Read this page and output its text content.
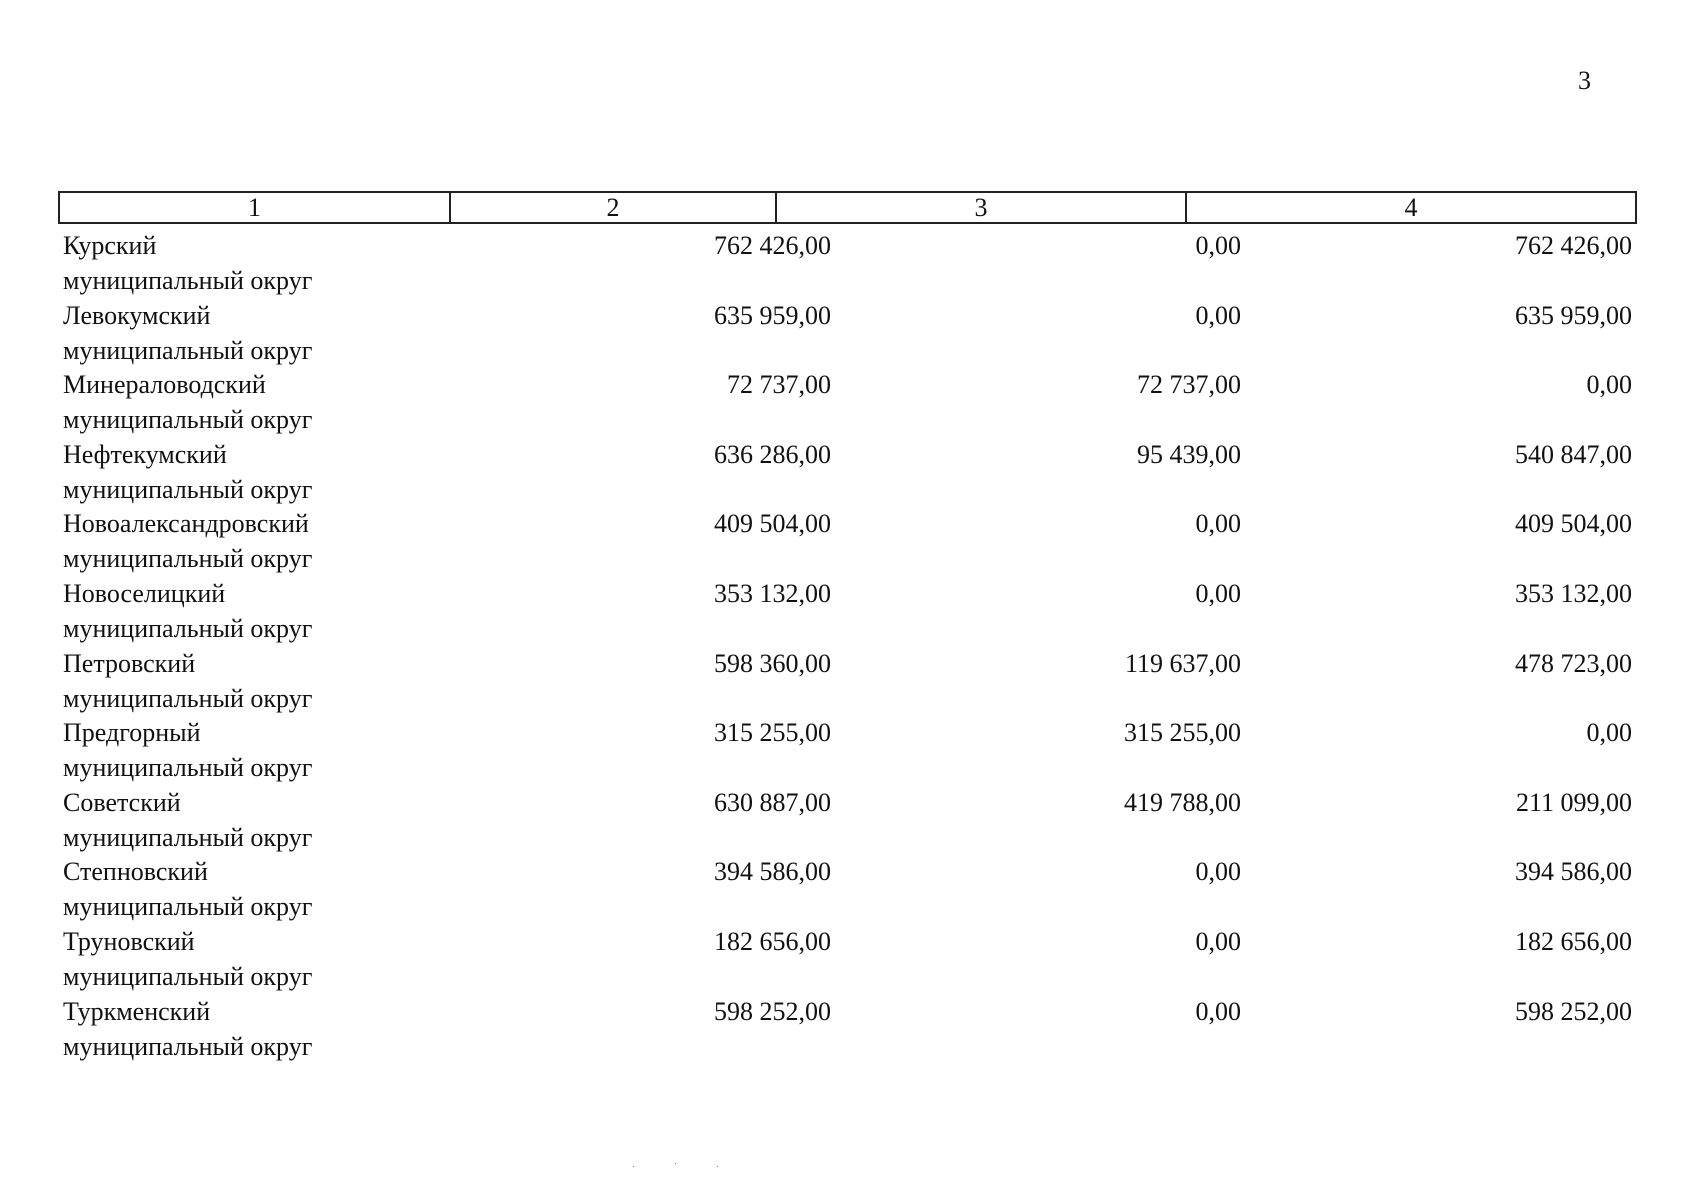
3
1	2	3	4
Курский
муниципальный округ
762 426,00	0,00	762 426,00
Левокумский
муниципальный округ
635 959,00	0,00	635 959,00
Минераловодский
муниципальный округ
72 737,00	72 737,00	0,00
Нефтекумский
муниципальный округ
636 286,00	95 439,00	540 847,00
Новоалександровский
муниципальный округ
409 504,00	0,00	409 504,00
Новоселицкий
муниципальный округ
353 132,00	0,00	353 132,00
Петровский
муниципальный округ
598 360,00	119 637,00	478 723,00
Предгорный
муниципальный округ
315 255,00	315 255,00	0,00
Советский
муниципальный округ
630 887,00	419 788,00	211 099,00
Степновский
муниципальный округ
394 586,00	0,00	394 586,00
Труновский
муниципальный округ
182 656,00	0,00	182 656,00
Туркменский
муниципальный округ
598 252,00	0,00	598 252,00
· ˙ ·
